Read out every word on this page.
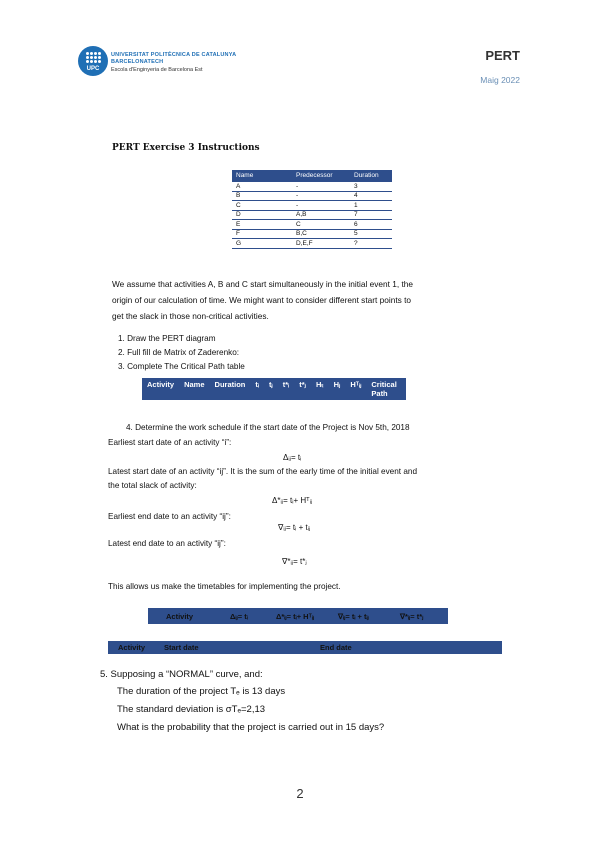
UPC
UNIVERSITAT POLITÈCNICA DE CATALUNYA
BARCELONATECH
Escola d'Enginyeria de Barcelona Est
PERT
Maig 2022
PERT Exercise 3 Instructions
Name	Predecessor	Duration
A	-	3
B	-	4
C	-	1
D	A,B	7
E	C	6
F	B,C	5
G	D,E,F	?
We assume that activities A, B and C start simultaneously in the initial event 1, the
origin of our calculation of time. We might want to consider different start points to
get the slack in those non-critical activities.
1. Draw the PERT diagram
2. Full fill de Matrix of Zaderenko:
3. Complete The Critical Path table
Activity	Name	Duration	tᵢ	tⱼ	t*ᵢ	t*ⱼ	Hₜ	Hⱼ	Hᵀᵢⱼ	Critical Path
4. Determine the work schedule if the start date of the Project is Nov 5th, 2018
Earliest start date of an activity “i”:
Δᵢⱼ= tᵢ
Latest start date of an activity “ij”. It is the sum of the early time of the initial event and
the total slack of activity:
Δ*ᵢⱼ= tᵢ+ Hᵀᵢⱼ
Earliest end date to an activity “ij”:
∇ᵢⱼ= tᵢ + tᵢⱼ
Latest end date to an activity “ij”:
∇*ᵢⱼ= t*ⱼ
This allows us make the timetables for implementing the project.
Activity	Δᵢⱼ= tᵢ	Δ*ᵢⱼ= tᵢ+ Hᵀᵢⱼ	∇ᵢⱼ= tᵢ + tᵢⱼ	∇*ᵢⱼ= t*ⱼ
Activity	Start date	End date
5. Supposing a “NORMAL” curve, and:
The duration of the project Tₑ is 13 days
The standard deviation is σTₑ=2,13
What is the probability that the project is carried out in 15 days?
2
